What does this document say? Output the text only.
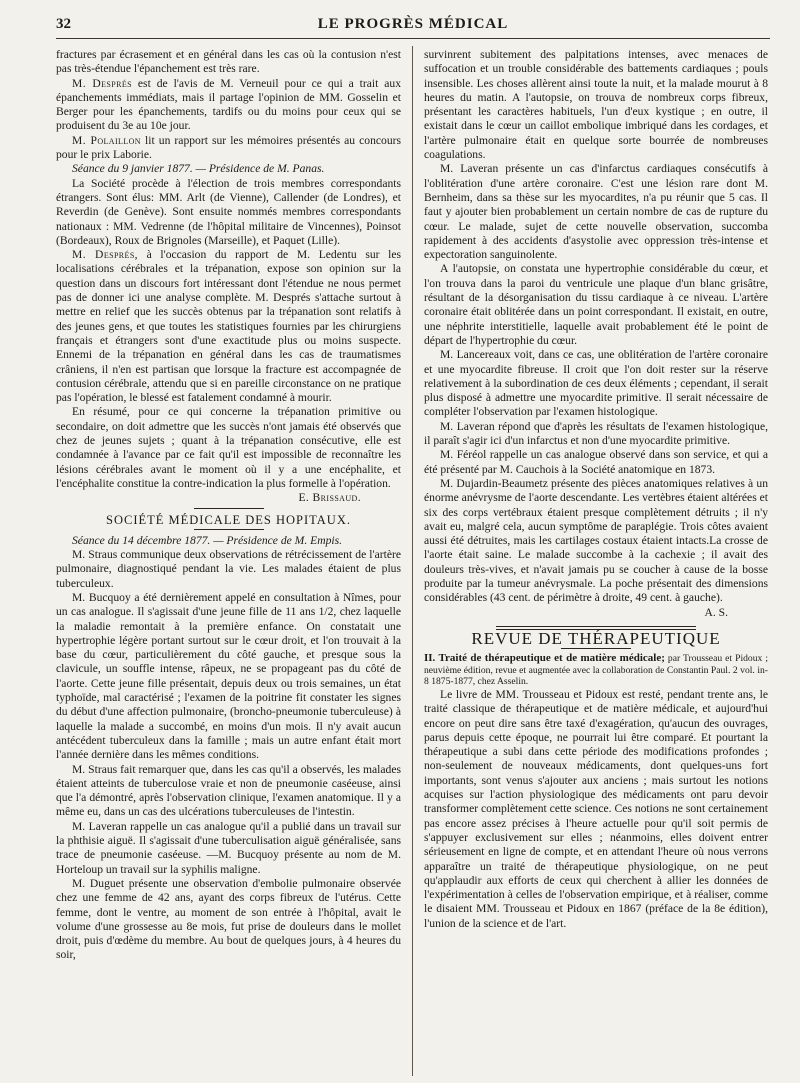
32	LE PROGRÈS MÉDICAL

fractures par écrasement et en général dans les cas où la contusion n'est pas très-étendue l'épanchement est très rare.

M. Després est de l'avis de M. Verneuil pour ce qui a trait aux épanchements immédiats, mais il partage l'opinion de MM. Gosselin et Berger pour les épanchements, tardifs ou du moins pour ceux qui se produisent du 3e au 10e jour.

M. Polaillon lit un rapport sur les mémoires présentés au concours pour le prix Laborie.

Séance du 9 janvier 1877. — Présidence de M. Panas.

La Société procède à l'élection de trois membres correspondants étrangers. Sont élus: MM. Arlt (de Vienne), Callender (de Londres), et Reverdin (de Genève). Sont ensuite nommés membres correspondants nationaux : MM. Vedrenne (de l'hôpital militaire de Vincennes), Poinsot (Bordeaux), Roux de Brignoles (Marseille), et Paquet (Lille).

M. Després, à l'occasion du rapport de M. Ledentu sur les localisations cérébrales et la trépanation, expose son opinion sur la question dans un discours fort intéressant dont l'étendue ne nous permet pas de donner ici une analyse complète. M. Després s'attache surtout à mettre en relief que les succès obtenus par la trépanation sont relatifs à des jeunes gens, et que toutes les statistiques fournies par les chirurgiens français et étrangers sont d'une exactitude plus ou moins suspecte. Ennemi de la trépanation en général dans les cas de traumatismes crâniens, il n'en est partisan que lorsque la fracture est accompagnée de contusion cérébrale, attendu que si en pareille circonstance on ne pratique pas l'opération, le blessé est fatalement condamné à mourir.

En résumé, pour ce qui concerne la trépanation primitive ou secondaire, on doit admettre que les succès n'ont jamais été observés que chez de jeunes sujets ; quant à la trépanation consécutive, elle est condamnée à l'avance par ce fait qu'il est impossible de reconnaître les lésions cérébrales avant le moment où il y a une encéphalite, et l'encéphalite constitue la contre-indication la plus formelle à l'opération.

E. Brissaud.

SOCIÉTÉ MÉDICALE DES HOPITAUX.

Séance du 14 décembre 1877. — Présidence de M. Empis.

M. Straus communique deux observations de rétrécissement de l'artère pulmonaire, diagnostiqué pendant la vie. Les malades étaient de plus tuberculeux.

M. Bucquoy a été dernièrement appelé en consultation à Nîmes, pour un cas analogue. Il s'agissait d'une jeune fille de 11 ans 1/2, chez laquelle la maladie remontait à la première enfance. On constatait une hypertrophie légère portant surtout sur le cœur droit, et l'on trouvait à la base du cœur, particulièrement du côté gauche, et presque sous la clavicule, un souffle intense, râpeux, ne se propageant pas du côté de l'aorte. Cette jeune fille présentait, depuis deux ou trois semaines, un état typhoïde, mal caractérisé ; l'examen de la poitrine fit constater les signes du début d'une affection pulmonaire, (broncho-pneumonie tuberculeuse) à laquelle la malade a succombé, en moins d'un mois. Il n'y avait aucun antécédent tuberculeux dans la famille ; mais un autre enfant était mort l'année dernière dans les mêmes conditions.

M. Straus fait remarquer que, dans les cas qu'il a observés, les malades étaient atteints de tuberculose vraie et non de pneumonie caséeuse, ainsi que l'a démontré, après l'observation clinique, l'examen anatomique. Il y a même eu, dans un cas des ulcérations tuberculeuses de l'intestin.

M. Laveran rappelle un cas analogue qu'il a publié dans un travail sur la phthisie aiguë. Il s'agissait d'une tuberculisation aiguë généralisée, sans trace de pneumonie caséeuse. —M. Bucquoy présente au nom de M. Horteloup un travail sur la syphilis maligne.

M. Duguet présente une observation d'embolie pulmonaire observée chez une femme de 42 ans, ayant des corps fibreux de l'utérus. Cette femme, dont le ventre, au moment de son entrée à l'hôpital, avait le volume d'une grossesse au 8e mois, fut prise de douleurs dans le mollet droit, puis d'œdème du membre. Au bout de quelques jours, à 4 heures du soir,

survinrent subitement des palpitations intenses, avec menaces de suffocation et un trouble considérable des battements cardiaques ; pouls insensible. Les choses allèrent ainsi toute la nuit, et la malade mourut à 8 heures du matin. A l'autopsie, on trouva de nombreux corps fibreux, présentant les caractères habituels, l'un d'eux kystique ; en outre, il existait dans le cœur un caillot embolique imbriqué dans les cordages, et l'artère pulmonaire était en quelque sorte bourrée de nombreuses coagulations.

M. Laveran présente un cas d'infarctus cardiaques consécutifs à l'oblitération d'une artère coronaire. C'est une lésion rare dont M. Bernheim, dans sa thèse sur les myocardites, n'a pu réunir que 5 cas. Il faut y ajouter bien probablement un certain nombre de cas de rupture du cœur. Le malade, sujet de cette nouvelle observation, succomba rapidement à des accidents d'asystolie avec oppression très-intense et expectoration sanguinolente.

A l'autopsie, on constata une hypertrophie considérable du cœur, et l'on trouva dans la paroi du ventricule une plaque d'un blanc grisâtre, résultant de la désorganisation du tissu cardiaque à ce niveau. L'artère coronaire était oblitérée dans un point correspondant. Il existait, en outre, une néphrite interstitielle, laquelle avait probablement été le point de départ de l'hypertrophie du cœur.

M. Lancereaux voit, dans ce cas, une oblitération de l'artère coronaire et une myocardite fibreuse. Il croit que l'on doit rester sur la réserve relativement à la subordination de ces deux éléments ; cependant, il serait plus disposé à admettre une myocardite primitive. Il serait nécessaire de compléter l'observation par l'examen histologique.

M. Laveran répond que d'après les résultats de l'examen histologique, il paraît s'agir ici d'un infarctus et non d'une myocardite primitive.

M. Féréol rappelle un cas analogue observé dans son service, et qui a été présenté par M. Cauchois à la Société anatomique en 1873.

M. Dujardin-Beaumetz présente des pièces anatomiques relatives à un énorme anévrysme de l'aorte descendante. Les vertèbres étaient altérées et six des corps vertébraux étaient presque complètement détruits ; il n'y avait eu, malgré cela, aucun symptôme de paraplégie. Trois côtes avaient aussi été détruites, mais les cartilages costaux étaient intacts.La crosse de l'aorte était saine. Le malade succombe à la cachexie ; il avait des douleurs très-vives, et n'avait jamais pu se coucher à cause de la bosse produite par la tumeur anévrysmale. La poche présentait des dimensions considérables (43 cent. de périmètre à droite, 49 cent. à gauche).

A. S.

REVUE DE THÉRAPEUTIQUE

II. Traité de thérapeutique et de matière médicale; par Trousseau et Pidoux ; neuvième édition, revue et augmentée avec la collaboration de Constantin Paul. 2 vol. in-8 1875-1877, chez Asselin.

Le livre de MM. Trousseau et Pidoux est resté, pendant trente ans, le traité classique de thérapeutique et de matière médicale, et aujourd'hui encore on peut dire sans être taxé d'exagération, qu'aucun des ouvrages, parus depuis cette époque, ne pourrait lui être comparé. Et pourtant la thérapeutique a subi dans cette période des modifications profondes ; non-seulement de nouveaux médicaments, dont quelques-uns fort importants, sont venus s'ajouter aux anciens ; mais surtout les notions acquises sur l'action physiologique des médicaments ont paru devoir transformer complètement cette science. Ces notions ne sont certainement pas encore assez précises à l'heure actuelle pour qu'il soit permis de s'appuyer exclusivement sur elles ; néanmoins, elles doivent entrer sérieusement en ligne de compte, et en attendant l'heure où nous verrons apparaître un traité de thérapeutique physiologique, on ne peut qu'applaudir aux efforts de ceux qui cherchent à allier les données de l'expérimentation à celles de l'observation empirique, et à réaliser, comme le disaient MM. Trousseau et Pidoux en 1867 (préface de la 8e édition), l'union de la science et de l'art.
